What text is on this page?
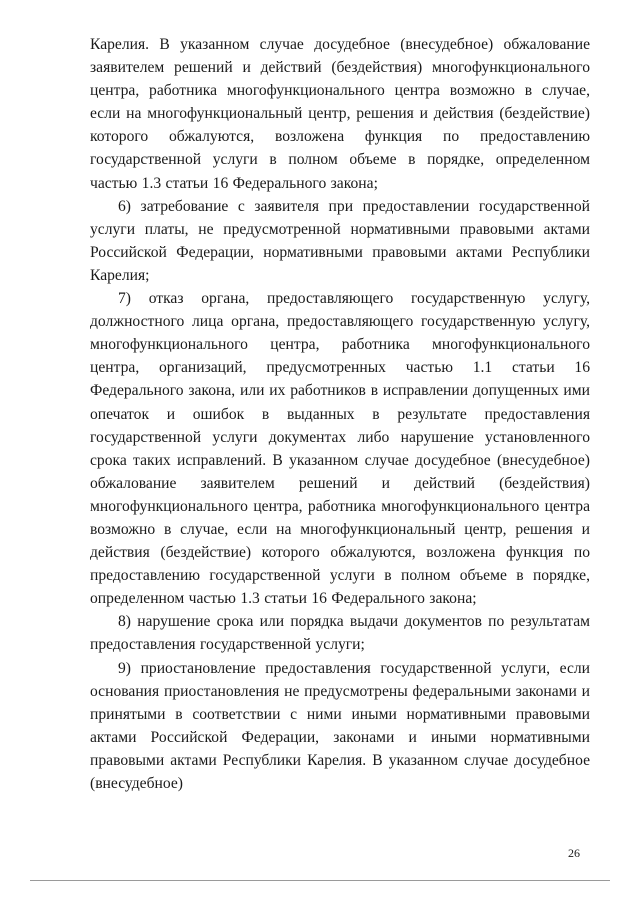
Карелия. В указанном случае досудебное (внесудебное) обжалование заявителем решений и действий (бездействия) многофункционального центра, работника многофункционального центра возможно в случае, если на многофункциональный центр, решения и действия (бездействие) которого обжалуются, возложена функция по предоставлению государственной услуги в полном объеме в порядке, определенном частью 1.3 статьи 16 Федерального закона;

6) затребование с заявителя при предоставлении государственной услуги платы, не предусмотренной нормативными правовыми актами Российской Федерации, нормативными правовыми актами Республики Карелия;

7) отказ органа, предоставляющего государственную услугу, должностного лица органа, предоставляющего государственную услугу, многофункционального центра, работника многофункционального центра, организаций, предусмотренных частью 1.1 статьи 16 Федерального закона, или их работников в исправлении допущенных ими опечаток и ошибок в выданных в результате предоставления государственной услуги документах либо нарушение установленного срока таких исправлений. В указанном случае досудебное (внесудебное) обжалование заявителем решений и действий (бездействия) многофункционального центра, работника многофункционального центра возможно в случае, если на многофункциональный центр, решения и действия (бездействие) которого обжалуются, возложена функция по предоставлению государственной услуги в полном объеме в порядке, определенном частью 1.3 статьи 16 Федерального закона;

8) нарушение срока или порядка выдачи документов по результатам предоставления государственной услуги;

9) приостановление предоставления государственной услуги, если основания приостановления не предусмотрены федеральными законами и принятыми в соответствии с ними иными нормативными правовыми актами Российской Федерации, законами и иными нормативными правовыми актами Республики Карелия. В указанном случае досудебное (внесудебное)

26
